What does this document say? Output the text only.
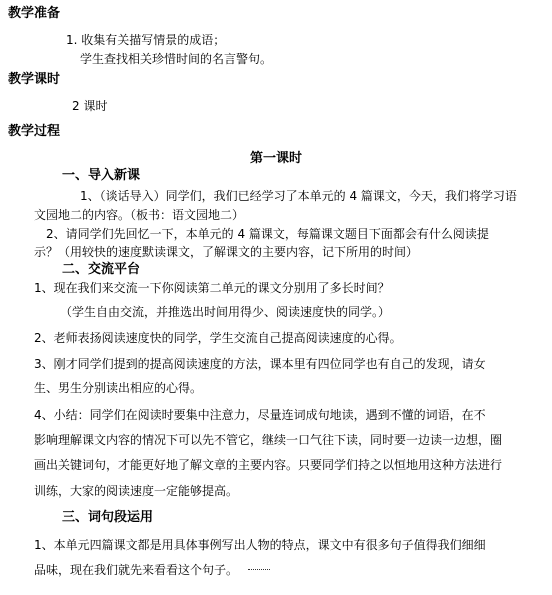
教学准备
1. 收集有关描写情景的成语；
学生查找相关珍惜时间的名言警句。
教学课时
2 课时
教学过程
第一课时
一、导入新课
1、（谈话导入）同学们，我们已经学习了本单元的 4 篇课文，今天，我们将学习语
文园地二的内容。（板书：语文园地二）
2、请同学们先回忆一下，本单元的 4 篇课文，每篇课文题目下面都会有什么阅读提
示？（用较快的速度默读课文，了解课文的主要内容，记下所用的时间）
二、交流平台
1、现在我们来交流一下你阅读第二单元的课文分别用了多长时间？
（学生自由交流，并推选出时间用得少、阅读速度快的同学。）
2、老师表扬阅读速度快的同学，学生交流自己提高阅读速度的心得。
3、刚才同学们提到的提高阅读速度的方法，课本里有四位同学也有自己的发现，请女
生、男生分别读出相应的心得。
4、小结：同学们在阅读时要集中注意力，尽量连词成句地读，遇到不懂的词语，在不
影响理解课文内容的情况下可以先不管它，继续一口气往下读，同时要一边读一边想，圈
画出关键词句，才能更好地了解文章的主要内容。只要同学们持之以恒地用这种方法进行
训练，大家的阅读速度一定能够提高。
三、词句段运用
1、本单元四篇课文都是用具体事例写出人物的特点，课文中有很多句子值得我们细细
品味，现在我们就先来看看这个句子。
